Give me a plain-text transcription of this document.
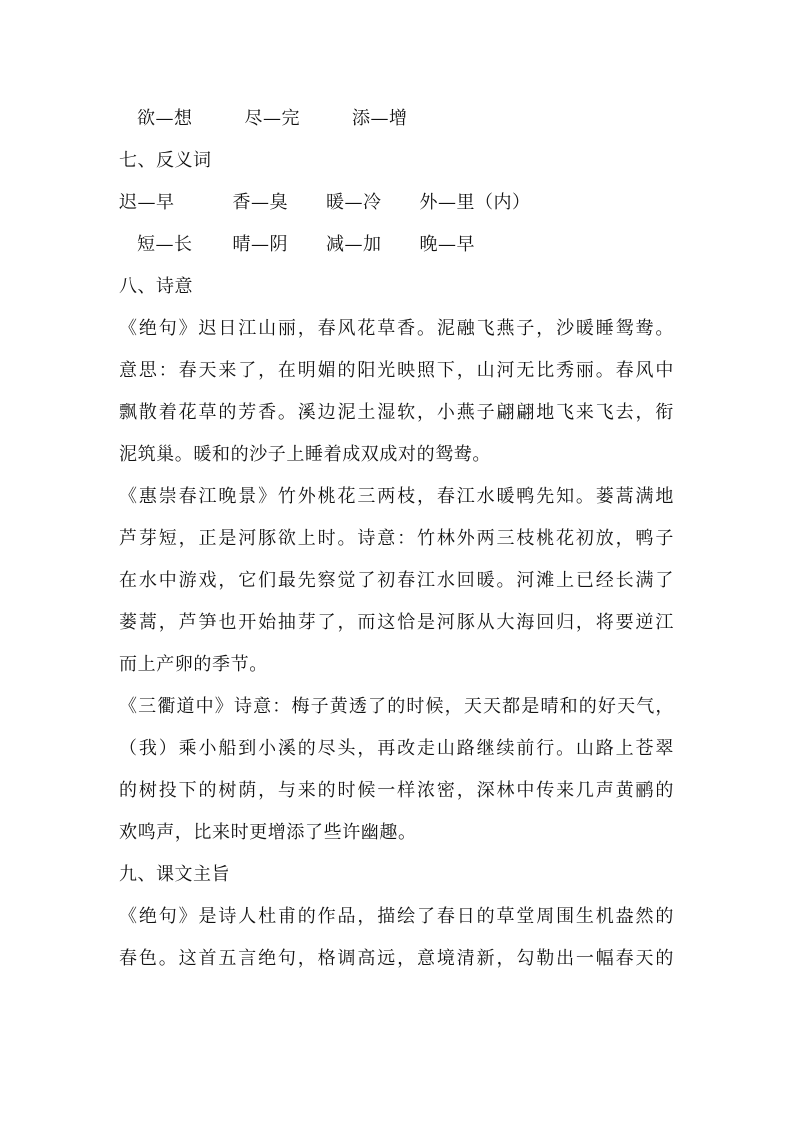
欲—想	尽—完	添—增
七、反义词
迟—早	香—臭 暖—冷 外—里（内）
短—长 晴—阴 减—加 晚—早
八、诗意
《绝句》迟日江山丽，春风花草香。泥融飞燕子，沙暖睡鸳鸯。
意思：春天来了，在明媚的阳光映照下，山河无比秀丽。春风中
飘散着花草的芳香。溪边泥土湿软，小燕子翩翩地飞来飞去，衔
泥筑巢。暖和的沙子上睡着成双成对的鸳鸯。
《惠崇春江晚景》竹外桃花三两枝，春江水暖鸭先知。蒌蒿满地
芦芽短，正是河豚欲上时。诗意：竹林外两三枝桃花初放，鸭子
在水中游戏，它们最先察觉了初春江水回暖。河滩上已经长满了
蒌蒿，芦笋也开始抽芽了，而这恰是河豚从大海回归，将要逆江
而上产卵的季节。
《三衢道中》诗意：梅子黄透了的时候，天天都是晴和的好天气，
（我）乘小船到小溪的尽头，再改走山路继续前行。山路上苍翠
的树投下的树荫，与来的时候一样浓密，深林中传来几声黄鹂的
欢鸣声，比来时更增添了些许幽趣。
九、课文主旨
《绝句》是诗人杜甫的作品，描绘了春日的草堂周围生机盎然的
春色。这首五言绝句，格调高远，意境清新，勾勒出一幅春天的
